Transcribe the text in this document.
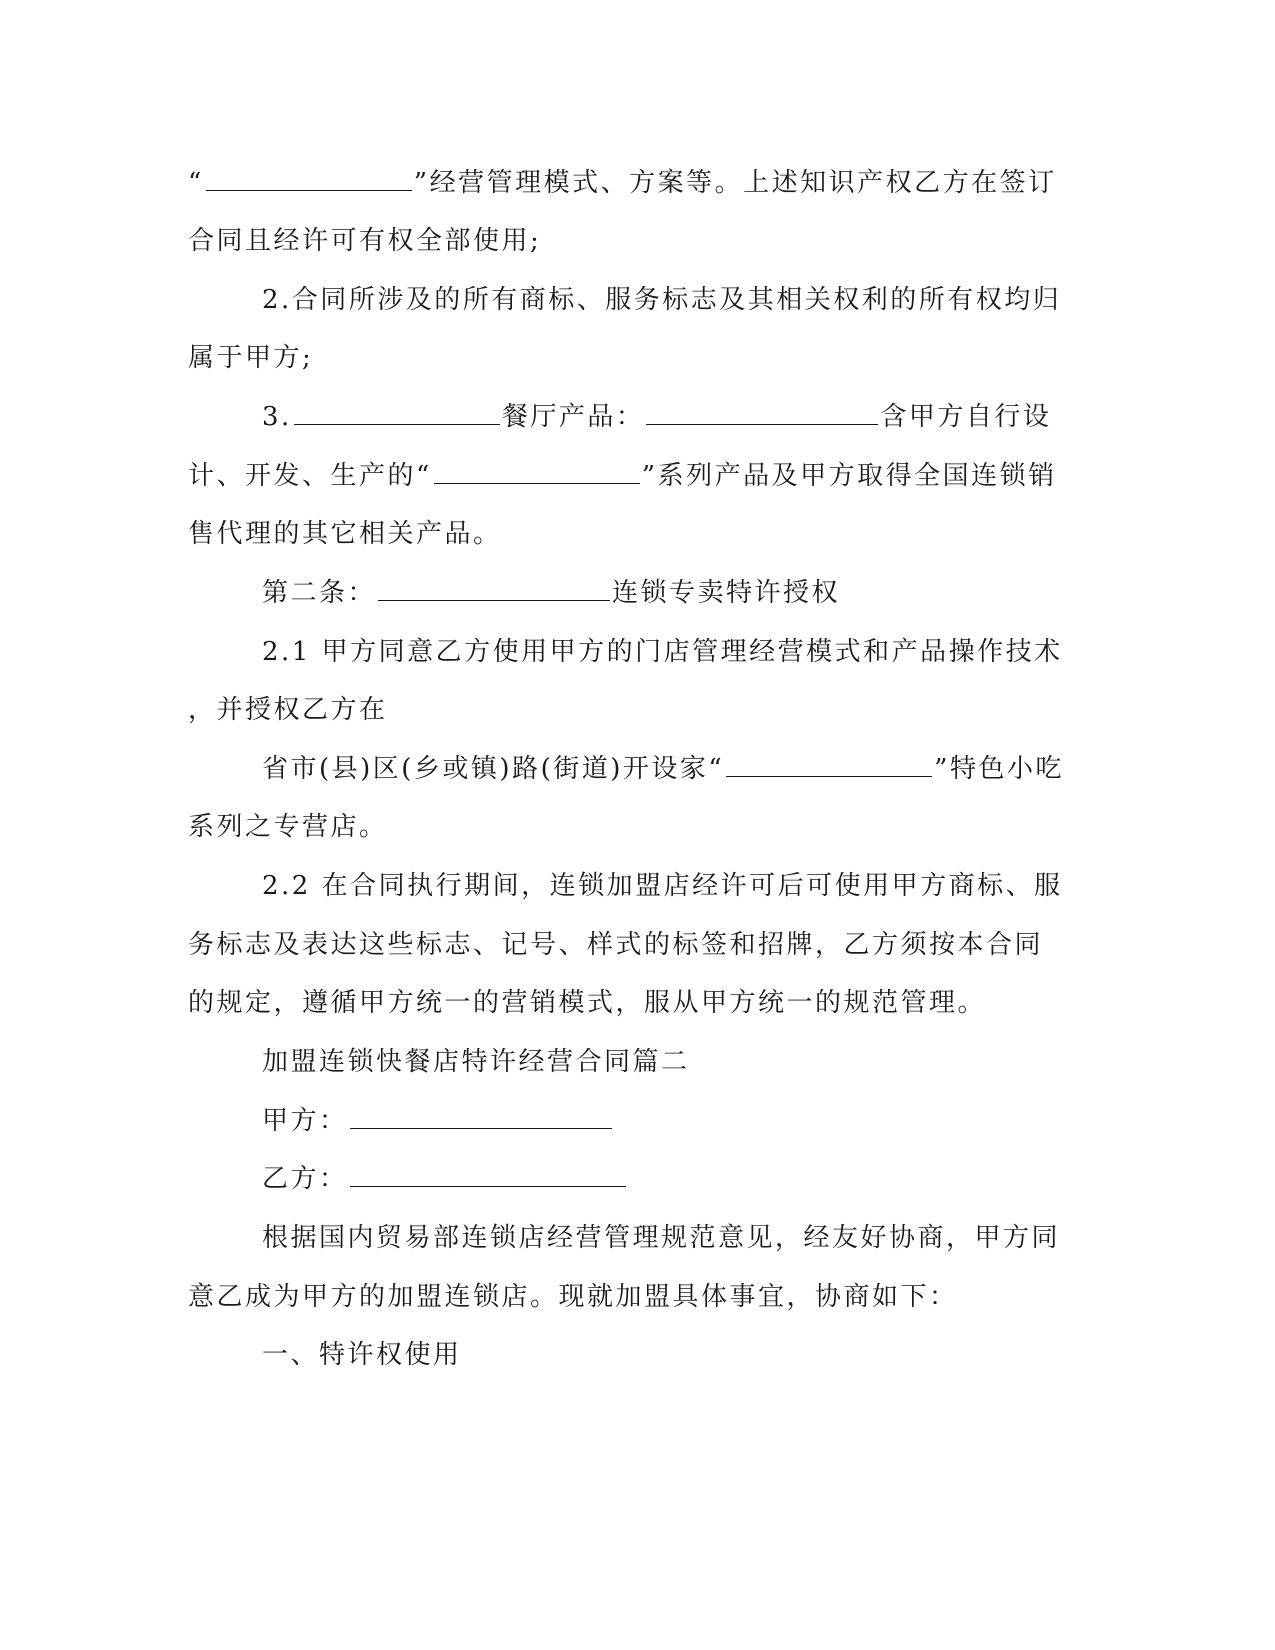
“	”经营管理模式、方案等。上述知识产权乙方在签订
合同且经许可有权全部使用;
2.合同所涉及的所有商标、服务标志及其相关权利的所有权均归
属于甲方;
3.	餐厅产品：	含甲方自行设
计、开发、生产的“	”系列产品及甲方取得全国连锁销
售代理的其它相关产品。
第二条：	连锁专卖特许授权
2.1 甲方同意乙方使用甲方的门店管理经营模式和产品操作技术
，并授权乙方在
省市(县)区(乡或镇)路(街道)开设家“	”特色小吃
系列之专营店。
2.2 在合同执行期间，连锁加盟店经许可后可使用甲方商标、服
务标志及表达这些标志、记号、样式的标签和招牌，乙方须按本合同
的规定，遵循甲方统一的营销模式，服从甲方统一的规范管理。
加盟连锁快餐店特许经营合同篇二
甲方：
乙方：
根据国内贸易部连锁店经营管理规范意见，经友好协商，甲方同
意乙成为甲方的加盟连锁店。现就加盟具体事宜，协商如下：
一、特许权使用
